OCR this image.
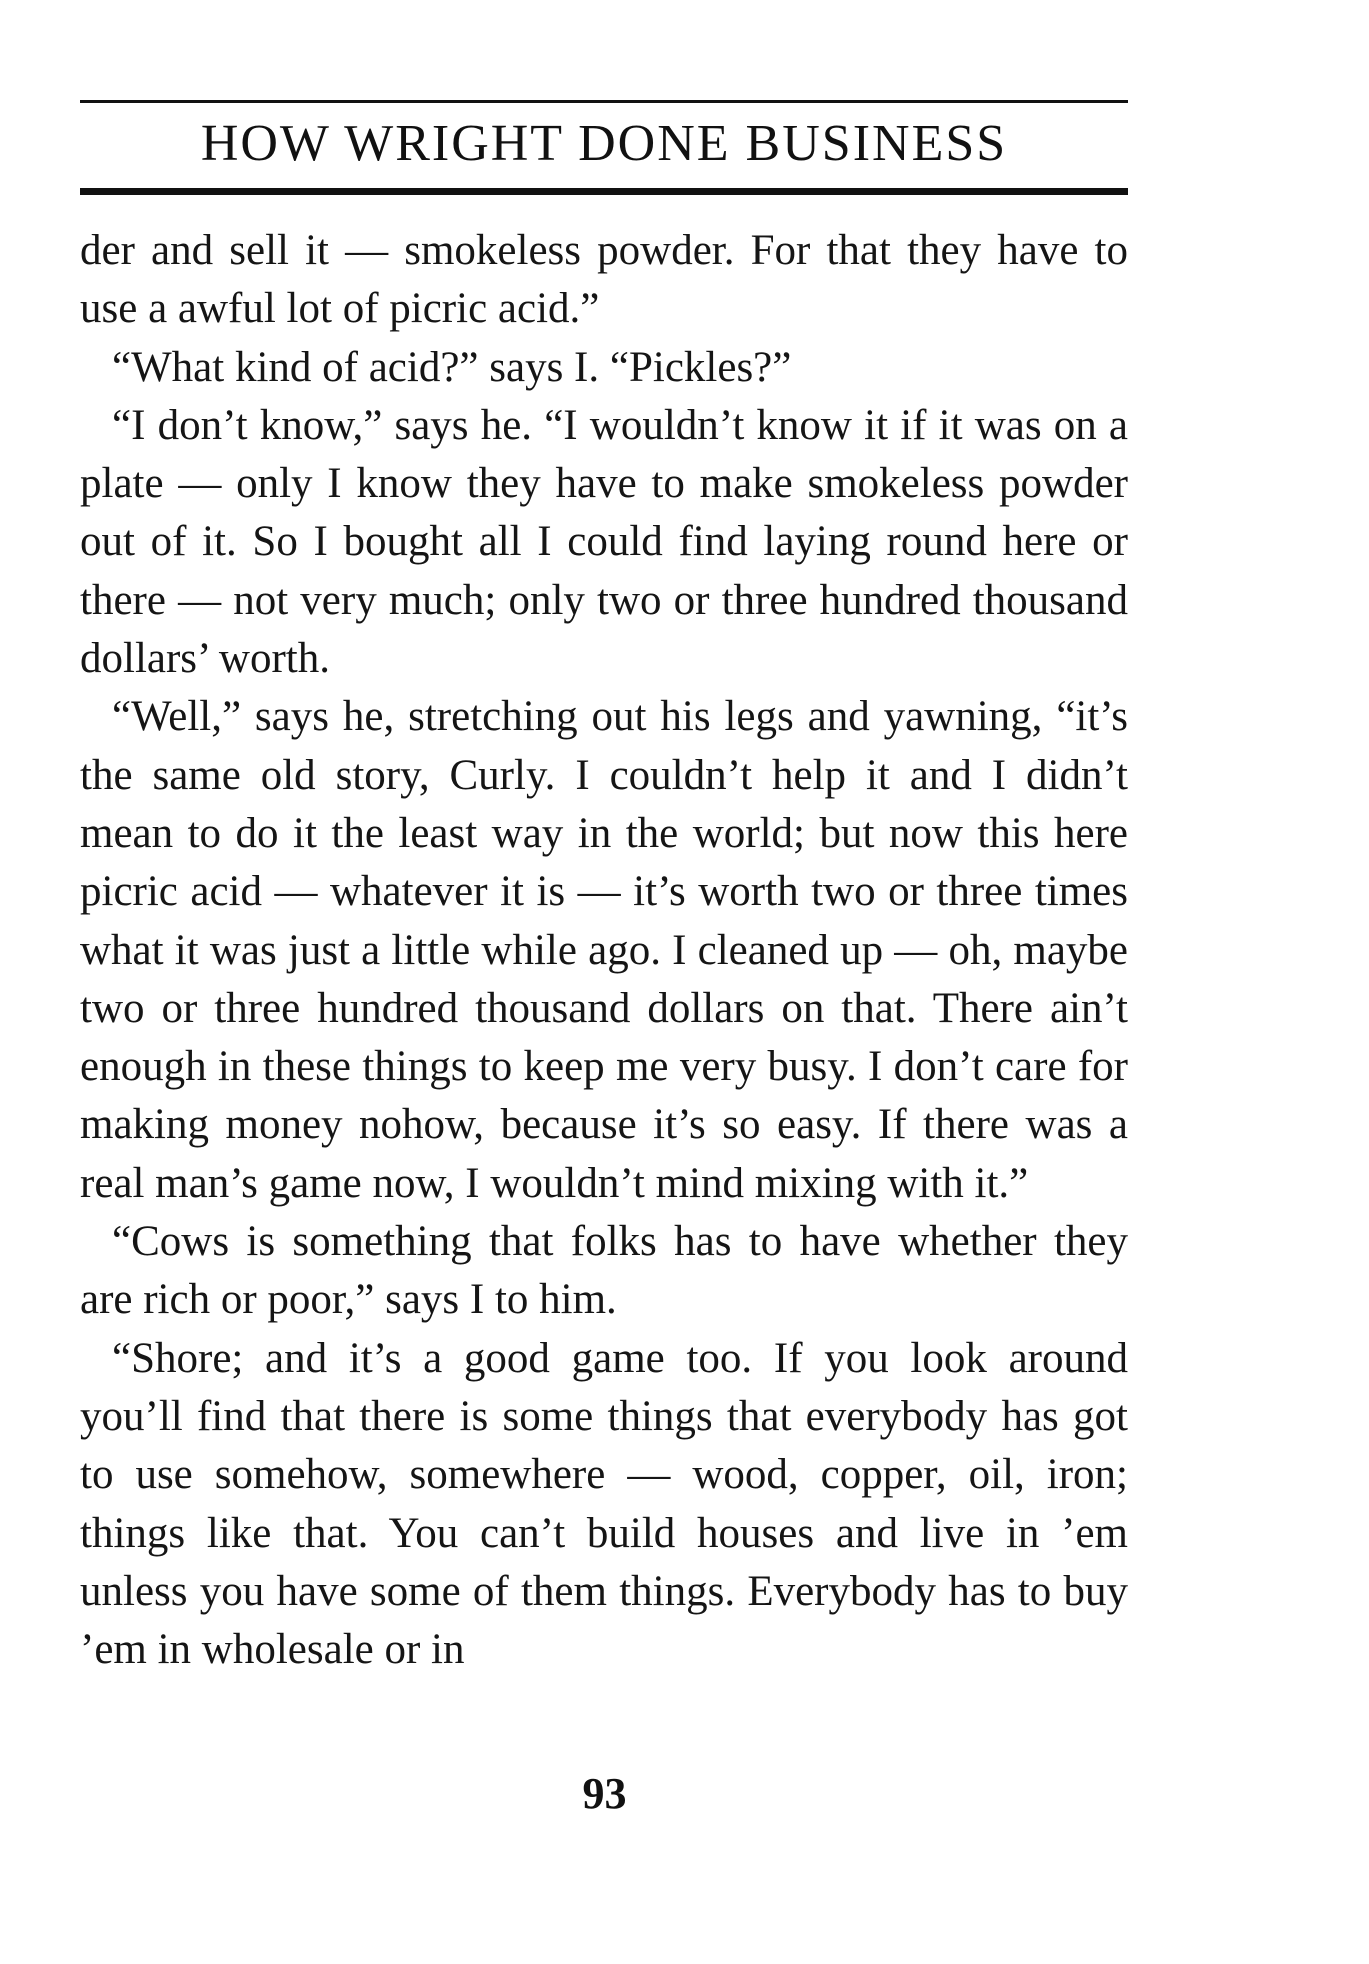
HOW WRIGHT DONE BUSINESS

der and sell it — smokeless powder. For that they have to use a awful lot of picric acid.”

“What kind of acid?” says I. “Pickles?”

“I don’t know,” says he. “I wouldn’t know it if it was on a plate — only I know they have to make smokeless powder out of it. So I bought all I could find laying round here or there — not very much; only two or three hundred thousand dollars’ worth.

“Well,” says he, stretching out his legs and yawning, “it’s the same old story, Curly. I couldn’t help it and I didn’t mean to do it the least way in the world; but now this here picric acid — whatever it is — it’s worth two or three times what it was just a little while ago. I cleaned up — oh, maybe two or three hundred thousand dollars on that. There ain’t enough in these things to keep me very busy. I don’t care for making money nohow, because it’s so easy. If there was a real man’s game now, I wouldn’t mind mixing with it.”

“Cows is something that folks has to have whether they are rich or poor,” says I to him.

“Shore; and it’s a good game too. If you look around you’ll find that there is some things that everybody has got to use somehow, somewhere — wood, copper, oil, iron; things like that. You can’t build houses and live in ’em unless you have some of them things. Everybody has to buy ’em in wholesale or in

93
